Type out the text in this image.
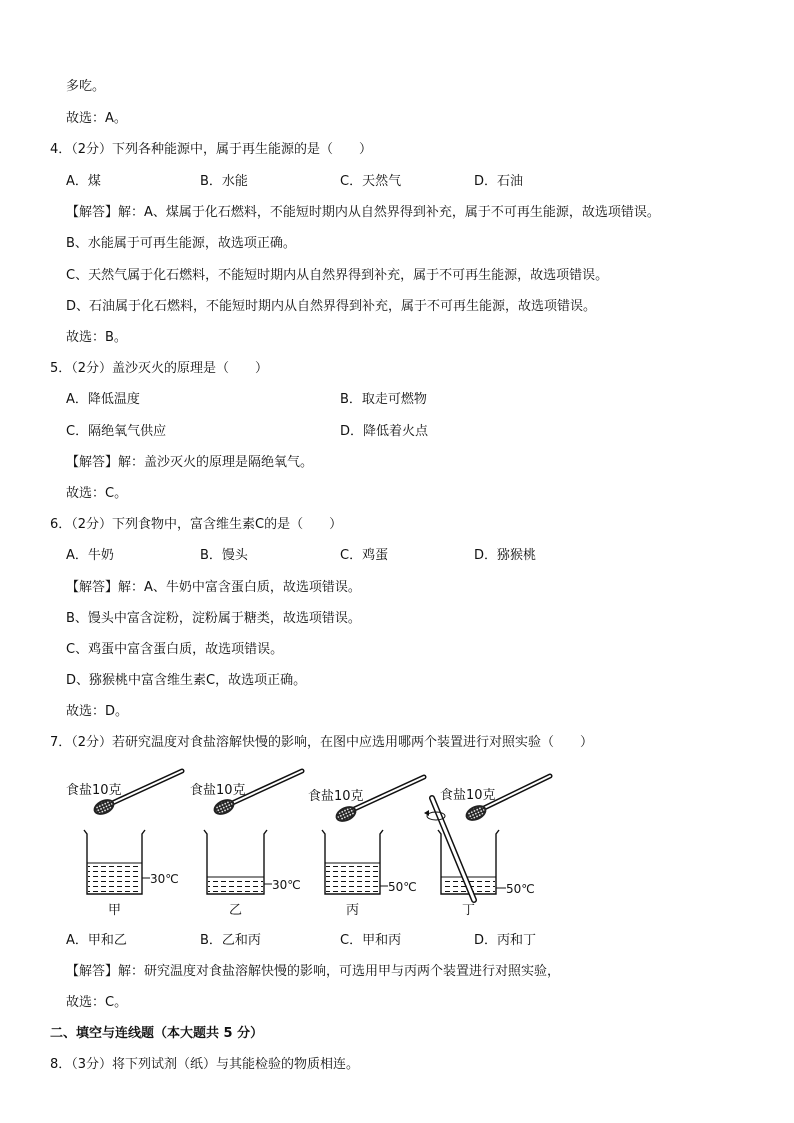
多吃。
故选：A。
4．（2分）下列各种能源中，属于再生能源的是（　　）
A．煤	B．水能	C．天然气	D．石油
【解答】解：A、煤属于化石燃料，不能短时期内从自然界得到补充，属于不可再生能源，故选项错误。
B、水能属于可再生能源，故选项正确。
C、天然气属于化石燃料，不能短时期内从自然界得到补充，属于不可再生能源，故选项错误。
D、石油属于化石燃料，不能短时期内从自然界得到补充，属于不可再生能源，故选项错误。
故选：B。
5．（2分）盖沙灭火的原理是（　　）
A．降低温度	B．取走可燃物
C．隔绝氧气供应	D．降低着火点
【解答】解：盖沙灭火的原理是隔绝氧气。
故选：C。
6．（2分）下列食物中，富含维生素C的是（　　）
A．牛奶	B．馒头	C．鸡蛋	D．猕猴桃
【解答】解：A、牛奶中富含蛋白质，故选项错误。
B、馒头中富含淀粉，淀粉属于糖类，故选项错误。
C、鸡蛋中富含蛋白质，故选项错误。
D、猕猴桃中富含维生素C，故选项正确。
故选：D。
7．（2分）若研究温度对食盐溶解快慢的影响，在图中应选用哪两个装置进行对照实验（　　）
食盐10克
30℃
甲
食盐10克
30℃
乙
食盐10克
50℃
丙
食盐10克
50℃
丁
A．甲和乙	B．乙和丙	C．甲和丙	D．丙和丁
【解答】解：研究温度对食盐溶解快慢的影响，可选用甲与丙两个装置进行对照实验，
故选：C。
二、填空与连线题（本大题共 5 分）
8．（3分）将下列试剂（纸）与其能检验的物质相连。
